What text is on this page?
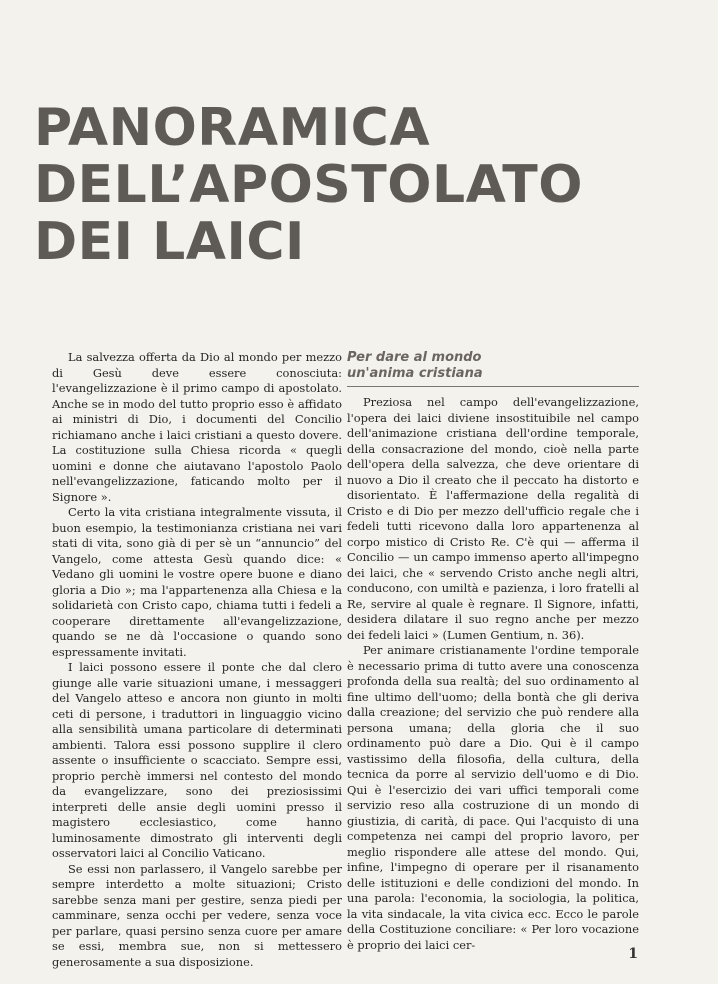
PANORAMICA
DELL’APOSTOLATO
DEI LAICI

La salvezza offerta da Dio al mondo per mezzo di Gesù deve essere conosciuta: l'evangelizzazione è il primo campo di apostolato. Anche se in modo del tutto proprio esso è affidato ai ministri di Dio, i documenti del Concilio richiamano anche i laici cristiani a questo dovere. La costituzione sulla Chiesa ricorda « quegli uomini e donne che aiutavano l'apostolo Paolo nell'evangelizzazione, faticando molto per il Signore ».

Certo la vita cristiana integralmente vissuta, il buon esempio, la testimonianza cristiana nei vari stati di vita, sono già di per sè un “annuncio” del Vangelo, come attesta Gesù quando dice: « Vedano gli uomini le vostre opere buone e diano gloria a Dio »; ma l'appartenenza alla Chiesa e la solidarietà con Cristo capo, chiama tutti i fedeli a cooperare direttamente all'evangelizzazione, quando se ne dà l'occasione o quando sono espressamente invitati.

I laici possono essere il ponte che dal clero giunge alle varie situazioni umane, i messaggeri del Vangelo atteso e ancora non giunto in molti ceti di persone, i traduttori in linguaggio vicino alla sensibilità umana particolare di determinati ambienti. Talora essi possono supplire il clero assente o insufficiente o scacciato. Sempre essi, proprio perchè immersi nel contesto del mondo da evangelizzare, sono dei preziosissimi interpreti delle ansie degli uomini presso il magistero ecclesiastico, come hanno luminosamente dimostrato gli interventi degli osservatori laici al Concilio Vaticano.

Se essi non parlassero, il Vangelo sarebbe per sempre interdetto a molte situazioni; Cristo sarebbe senza mani per gestire, senza piedi per camminare, senza occhi per vedere, senza voce per parlare, quasi persino senza cuore per amare se essi, membra sue, non si mettessero generosamente a sua disposizione.

Per dare al mondo
un'anima cristiana

Preziosa nel campo dell'evangelizzazione, l'opera dei laici diviene insostituibile nel campo dell'animazione cristiana dell'ordine temporale, della consacrazione del mondo, cioè nella parte dell'opera della salvezza, che deve orientare di nuovo a Dio il creato che il peccato ha distorto e disorientato. È l'affermazione della regalità di Cristo e di Dio per mezzo dell'ufficio regale che i fedeli tutti ricevono dalla loro appartenenza al corpo mistico di Cristo Re. C'è qui — afferma il Concilio — un campo immenso aperto all'impegno dei laici, che « servendo Cristo anche negli altri, conducono, con umiltà e pazienza, i loro fratelli al Re, servire al quale è regnare. Il Signore, infatti, desidera dilatare il suo regno anche per mezzo dei fedeli laici » (Lumen Gentium, n. 36).

Per animare cristianamente l'ordine temporale è necessario prima di tutto avere una conoscenza profonda della sua realtà; del suo ordinamento al fine ultimo dell'uomo; della bontà che gli deriva dalla creazione; del servizio che può rendere alla persona umana; della gloria che il suo ordinamento può dare a Dio. Qui è il campo vastissimo della filosofia, della cultura, della tecnica da porre al servizio dell'uomo e di Dio. Qui è l'esercizio dei vari uffici temporali come servizio reso alla costruzione di un mondo di giustizia, di carità, di pace. Qui l'acquisto di una competenza nei campi del proprio lavoro, per meglio rispondere alle attese del mondo. Qui, infine, l'impegno di operare per il risanamento delle istituzioni e delle condizioni del mondo. In una parola: l'economia, la sociologia, la politica, la vita sindacale, la vita civica ecc. Ecco le parole della Costituzione conciliare: « Per loro vocazione è proprio dei laici cer-

1
